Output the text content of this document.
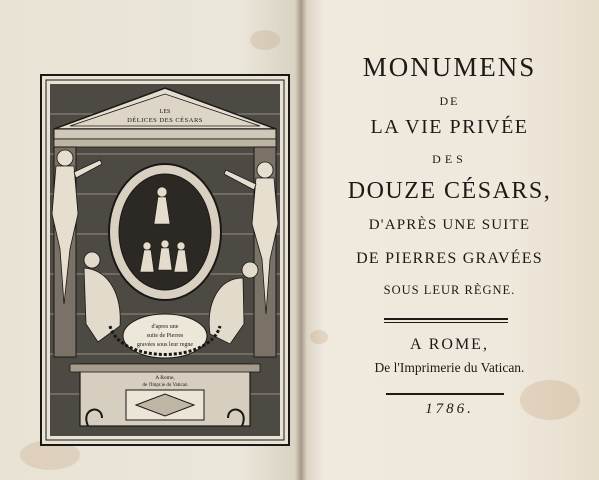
LES
DÉLICES DES CÉSARS
d'apres une
suite de Pierres
gravées sous leur regne
A Rome,
de l'Impr.ie du Vatican
MONUMENS
DE
LA VIE PRIVÉE
DES
DOUZE CÉSARS,
D'APRÈS UNE SUITE
DE PIERRES GRAVÉES
SOUS LEUR RÈGNE.
A ROME,
De l'Imprimerie du Vatican.
1786.
